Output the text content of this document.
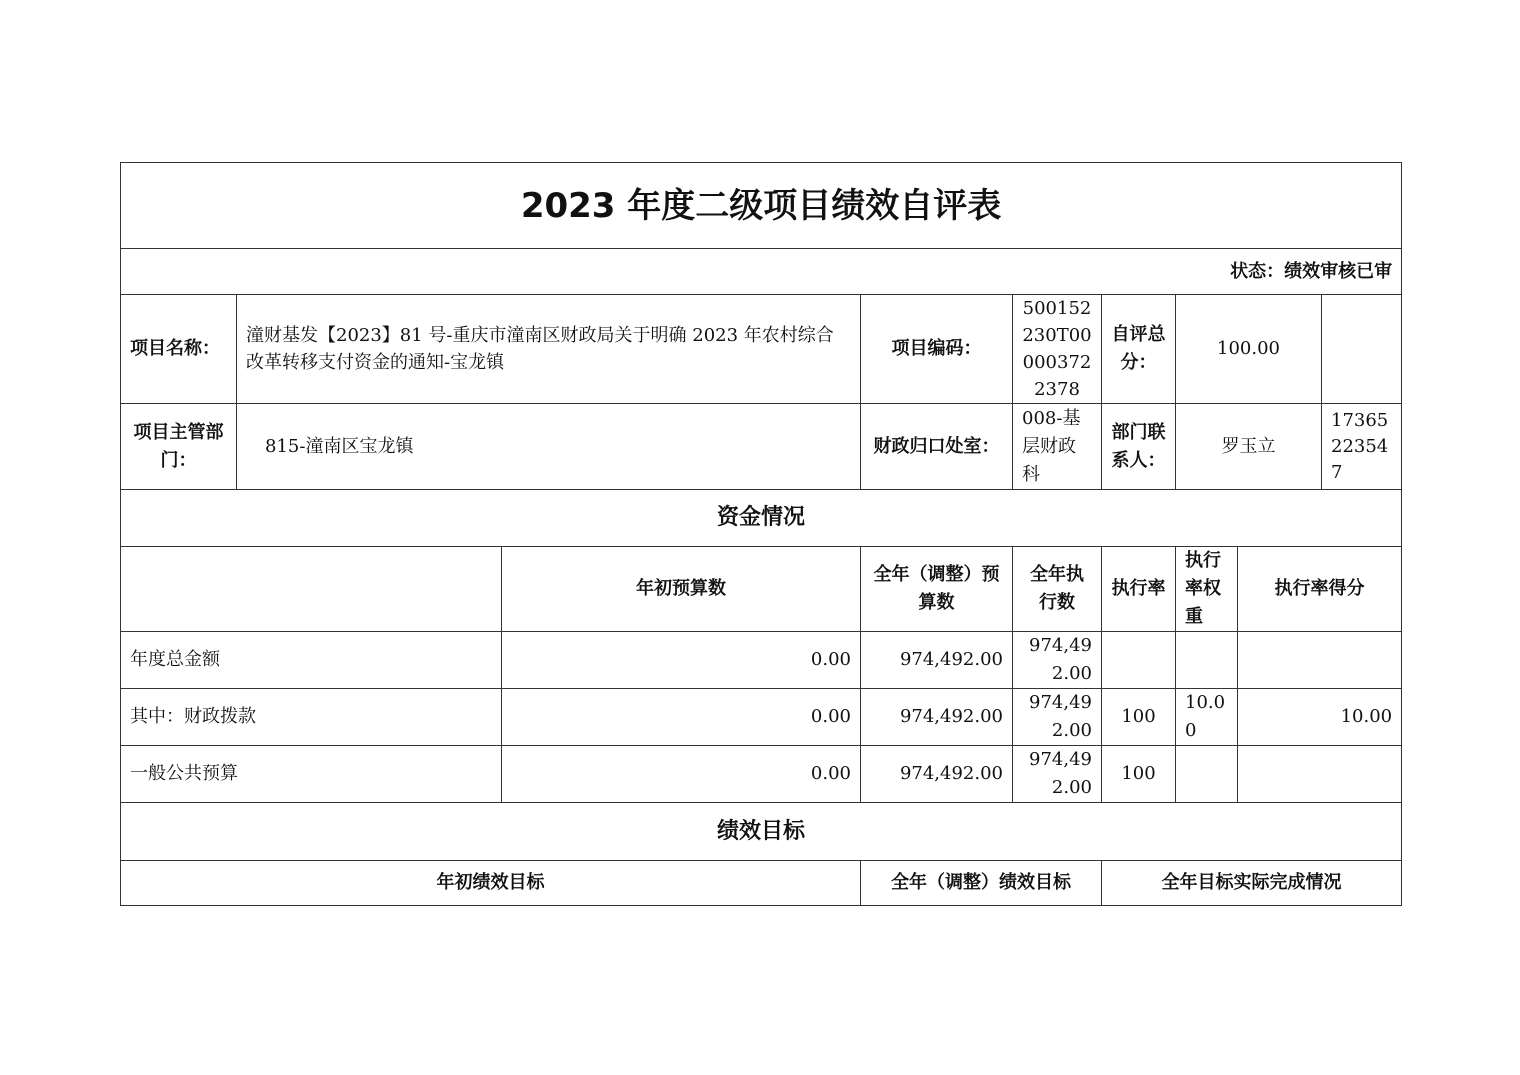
2023 年度二级项目绩效自评表								
状态：绩效审核已审								
项目名称：	潼财基发【2023】81 号-重庆市潼南区财政局关于明确 2023 年农村综合改革转移支付资金的通知-宝龙镇		项目编码：	500152230T000003722378	自评总分：	100.00		
项目主管部门：	815-潼南区宝龙镇		财政归口处室：	008-基层财政科	部门联系人：	罗玉立		17365223547
资金情况								
		年初预算数	全年（调整）预算数	全年执行数	执行率	执行率权重	执行率得分	
年度总金额		0.00	974,492.00	974,492.00				
其中：财政拨款		0.00	974,492.00	974,492.00	100	10.00	10.00	
一般公共预算		0.00	974,492.00	974,492.00	100			
绩效目标								
年初绩效目标			全年（调整）绩效目标		全年目标实际完成情况			
